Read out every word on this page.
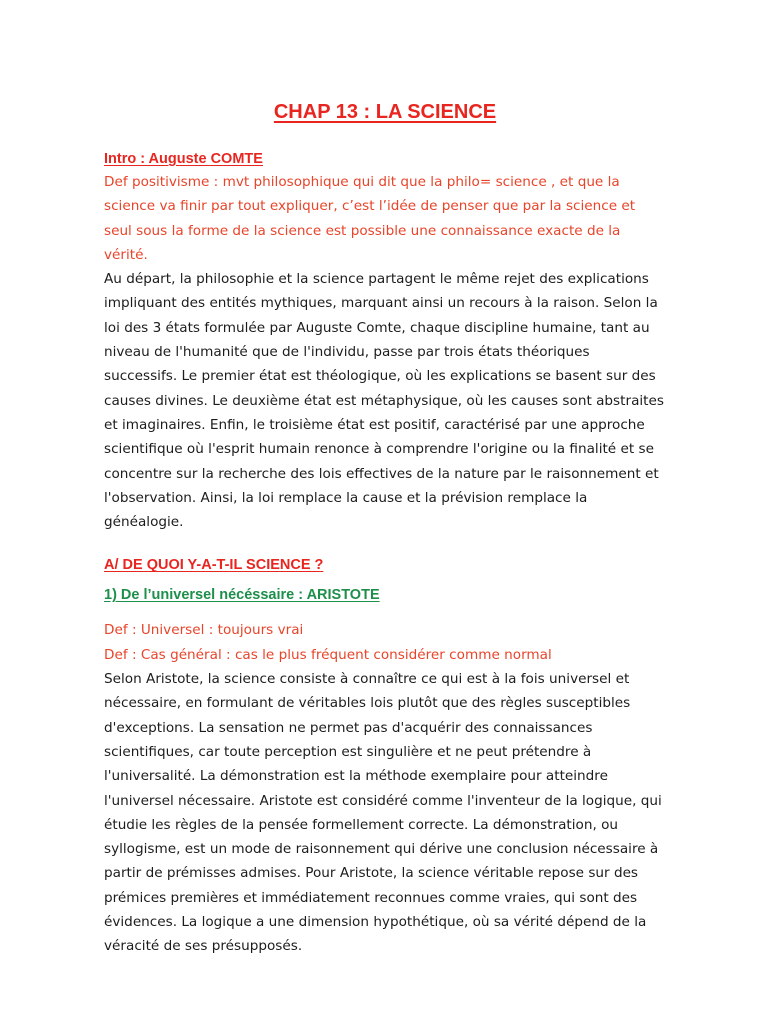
CHAP 13 : LA SCIENCE

Intro : Auguste COMTE

Def positivisme : mvt philosophique qui dit que la philo= science , et que la science va finir par tout expliquer, c’est l’idée de penser que par la science et seul sous la forme de la science est possible une connaissance exacte de la vérité.

Au départ, la philosophie et la science partagent le même rejet des explications impliquant des entités mythiques, marquant ainsi un recours à la raison. Selon la loi des 3 états formulée par Auguste Comte, chaque discipline humaine, tant au niveau de l'humanité que de l'individu, passe par trois états théoriques successifs. Le premier état est théologique, où les explications se basent sur des causes divines. Le deuxième état est métaphysique, où les causes sont abstraites et imaginaires. Enfin, le troisième état est positif, caractérisé par une approche scientifique où l'esprit humain renonce à comprendre l'origine ou la finalité et se concentre sur la recherche des lois effectives de la nature par le raisonnement et l'observation. Ainsi, la loi remplace la cause et la prévision remplace la généalogie.

A/ DE QUOI Y-A-T-IL SCIENCE ?

1) De l’universel nécéssaire : ARISTOTE

Def : Universel : toujours vrai

Def : Cas général : cas le plus fréquent considérer comme normal

Selon Aristote, la science consiste à connaître ce qui est à la fois universel et nécessaire, en formulant de véritables lois plutôt que des règles susceptibles d'exceptions. La sensation ne permet pas d'acquérir des connaissances scientifiques, car toute perception est singulière et ne peut prétendre à l'universalité. La démonstration est la méthode exemplaire pour atteindre l'universel nécessaire. Aristote est considéré comme l'inventeur de la logique, qui étudie les règles de la pensée formellement correcte. La démonstration, ou syllogisme, est un mode de raisonnement qui dérive une conclusion nécessaire à partir de prémisses admises. Pour Aristote, la science véritable repose sur des prémices premières et immédiatement reconnues comme vraies, qui sont des évidences. La logique a une dimension hypothétique, où sa vérité dépend de la véracité de ses présupposés.
